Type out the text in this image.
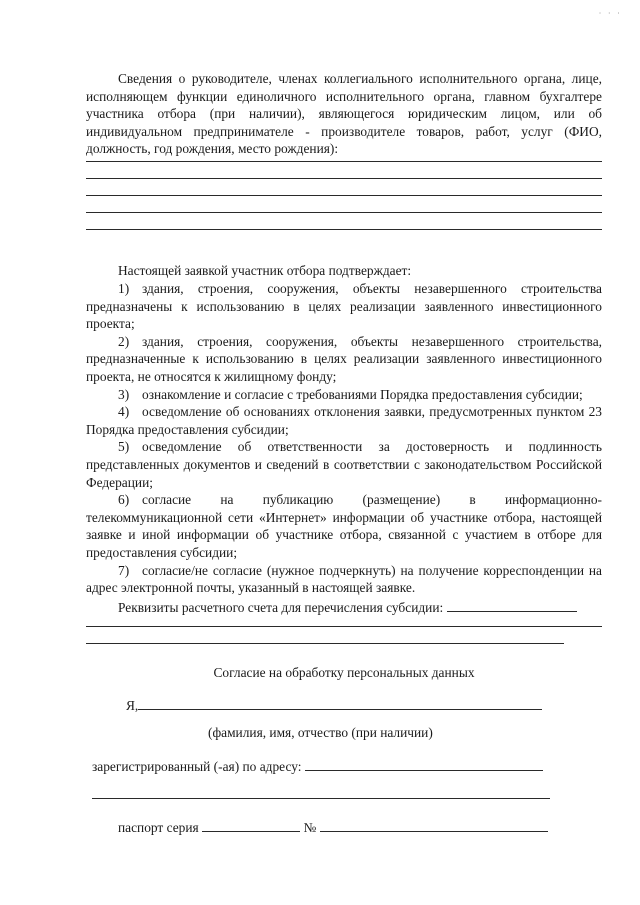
˙ ˙ ˙
Сведения о руководителе, членах коллегиального исполнительного органа, лице, исполняющем функции единоличного исполнительного органа, главном бухгалтере участника отбора (при наличии), являющегося юридическим лицом, или об индивидуальном предпринимателе - производителе товаров, работ, услуг (ФИО, должность, год рождения, место рождения):
Настоящей заявкой участник отбора подтверждает:

1) здания, строения, сооружения, объекты незавершенного строительства предназначены к использованию в целях реализации заявленного инвестиционного проекта;

2) здания, строения, сооружения, объекты незавершенного строительства, предназначенные к использованию в целях реализации заявленного инвестиционного проекта, не относятся к жилищному фонду;

3) ознакомление и согласие с требованиями Порядка предоставления субсидии;

4) осведомление об основаниях отклонения заявки, предусмотренных пунктом 23 Порядка предоставления субсидии;

5) осведомление об ответственности за достоверность и подлинность представленных документов и сведений в соответствии с законодательством Российской Федерации;

6) согласие на публикацию (размещение) в информационно-телекоммуникационной сети «Интернет» информации об участнике отбора, настоящей заявке и иной информации об участнике отбора, связанной с участием в отборе для предоставления субсидии;

7) согласие/не согласие (нужное подчеркнуть) на получение корреспонденции на адрес электронной почты, указанный в настоящей заявке.

Реквизиты расчетного счета для перечисления субсидии:
Согласие на обработку персональных данных
Я,
(фамилия, имя, отчество (при наличии)
зарегистрированный (-ая) по адресу:
паспорт серия	№
